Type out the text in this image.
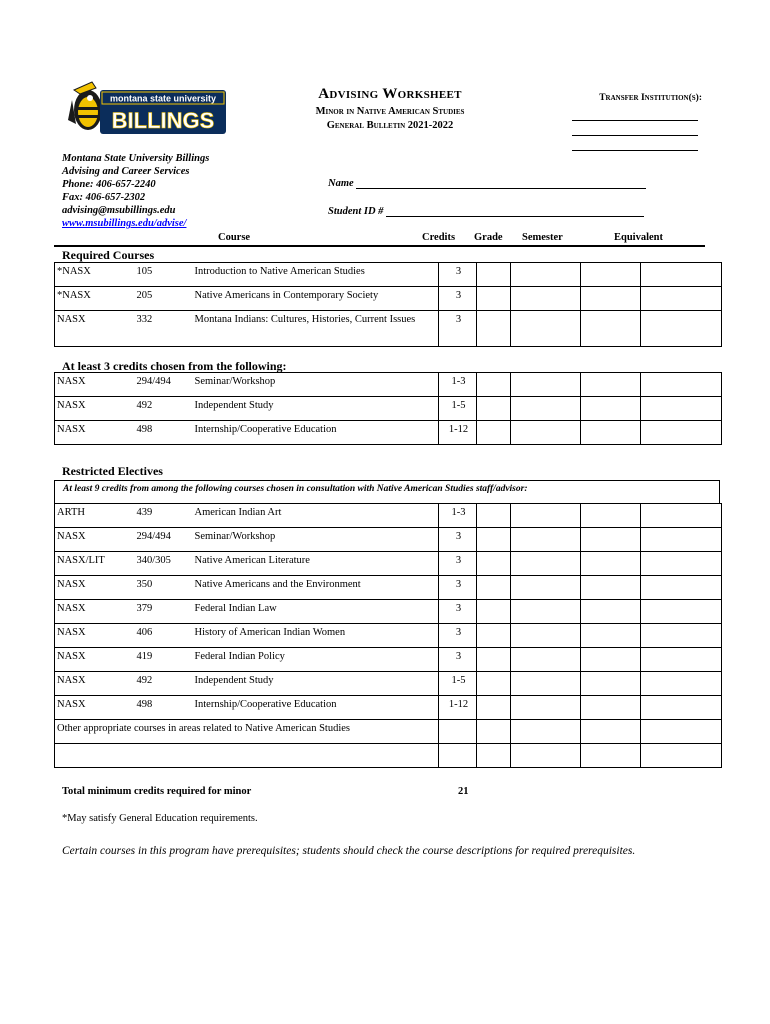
montana state university
BILLINGS
Advising Worksheet
Minor in Native American Studies
General Bulletin 2021-2022
Transfer Institution(s):
Montana State University Billings
Advising and Career Services
Phone: 406-657-2240
Fax: 406-657-2302
advising@msubillings.edu
www.msubillings.edu/advise/
Name
Student ID #
Course	Credits Grade Semester	Equivalent
Required Courses
*NASX	105	Introduction to Native American Studies	3				

*NASX	205	Native Americans in Contemporary Society	3				

NASX	332	Montana Indians: Cultures, Histories, Current Issues	3				

At least 3 credits chosen from the following:
NASX	294/494	Seminar/Workshop	1-3				

NASX	492	Independent Study	1-5				

NASX	498	Internship/Cooperative Education	1-12				

Restricted Electives
At least 9 credits from among the following courses chosen in consultation with Native American Studies staff/advisor:
ARTH	439	American Indian Art	1-3				

NASX	294/494	Seminar/Workshop	3				

NASX/LIT	340/305	Native American Literature	3				

NASX	350	Native Americans and the Environment	3				

NASX	379	Federal Indian Law	3				

NASX	406	History of American Indian Women	3				

NASX	419	Federal Indian Policy	3				

NASX	492	Independent Study	1-5				

NASX	498	Internship/Cooperative Education	1-12				

Other appropriate courses in areas related to Native American Studies							

Total minimum credits required for minor	21
*May satisfy General Education requirements.
Certain courses in this program have prerequisites; students should check the course descriptions for required prerequisites.
